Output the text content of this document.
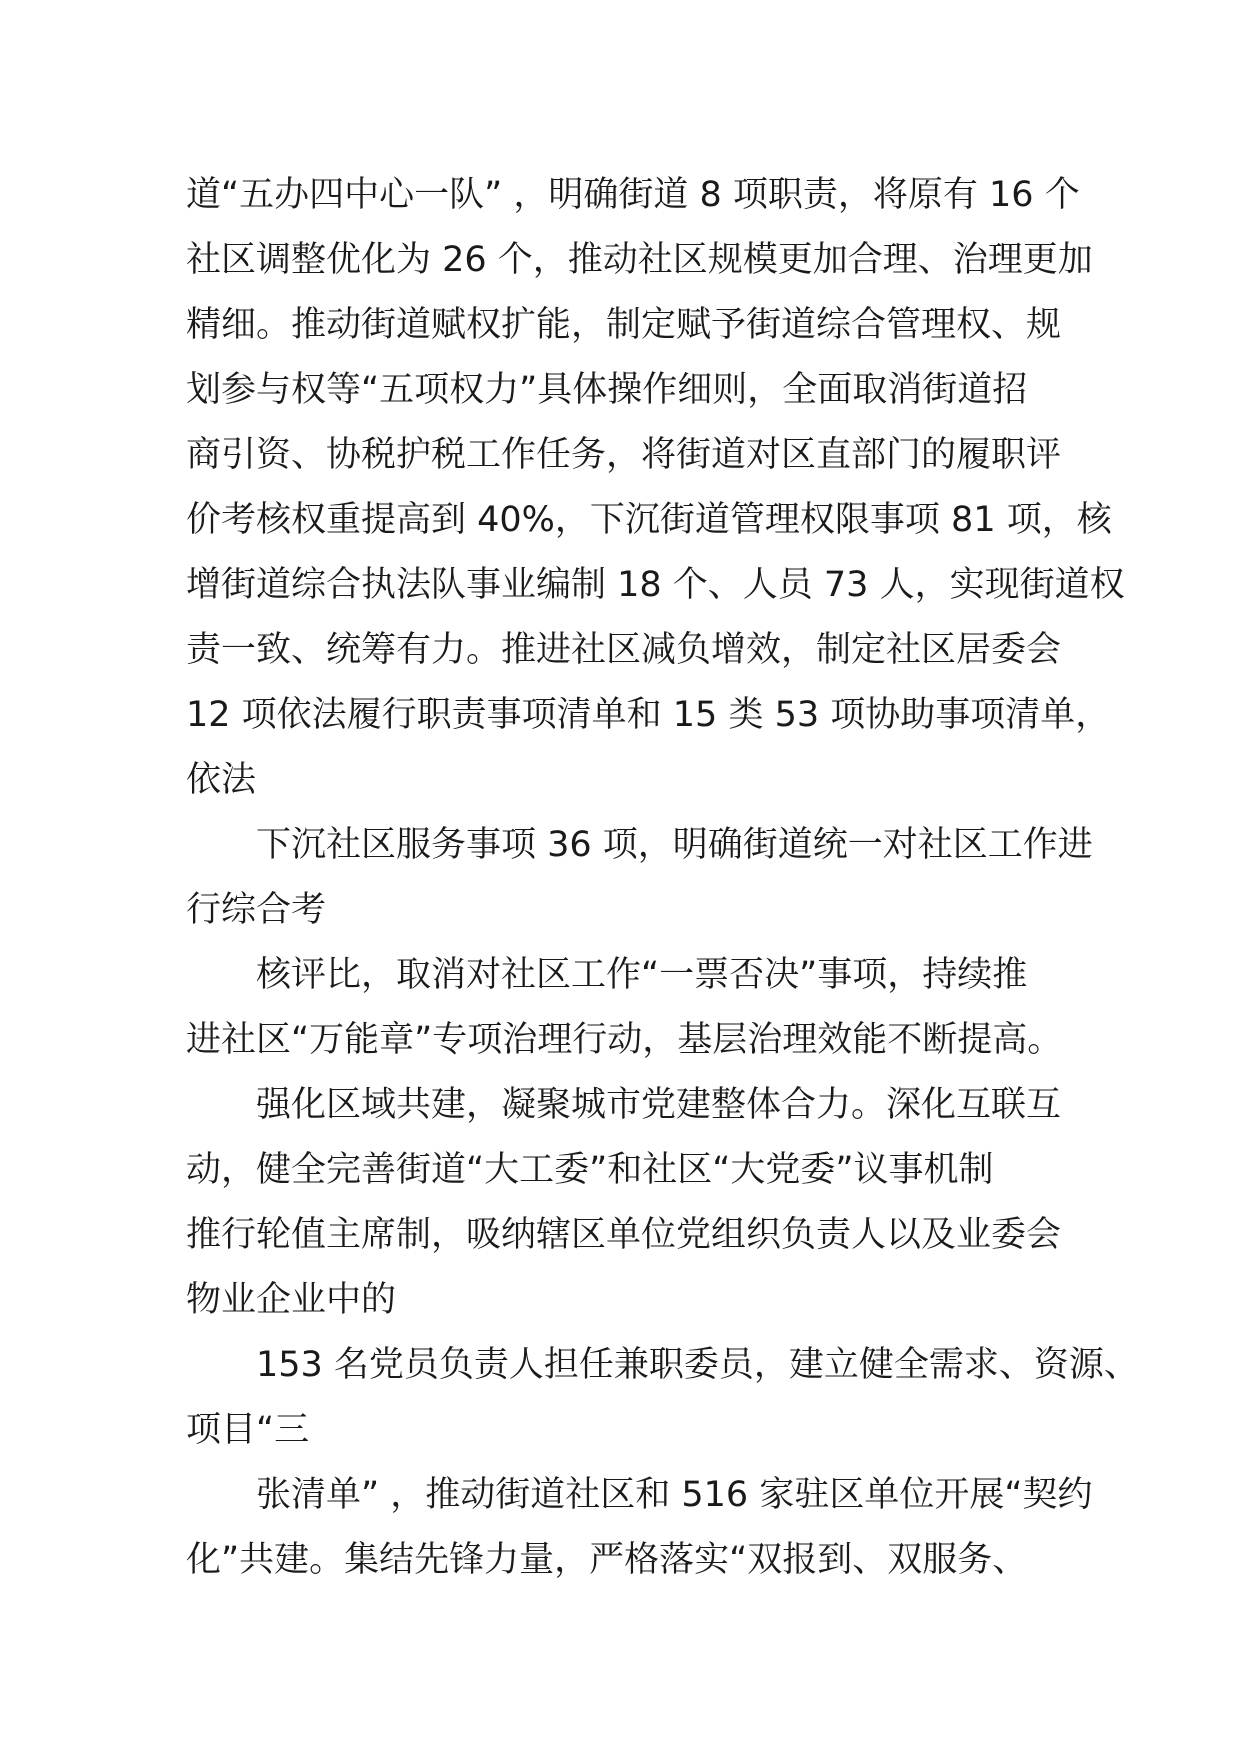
道“五办四中心一队” ，明确街道 8 项职责，将原有 16 个
社区调整优化为 26 个，推动社区规模更加合理、治理更加
精细。推动街道赋权扩能，制定赋予街道综合管理权、规
划参与权等“五项权力”具体操作细则，全面取消街道招
商引资、协税护税工作任务，将街道对区直部门的履职评
价考核权重提高到 40%，下沉街道管理权限事项 81 项，核
增街道综合执法队事业编制 18 个、人员 73 人，实现街道权
责一致、统筹有力。推进社区减负增效，制定社区居委会
12 项依法履行职责事项清单和 15 类 53 项协助事项清单，
依法
下沉社区服务事项 36 项，明确街道统一对社区工作进
行综合考
核评比，取消对社区工作“一票否决”事项，持续推
进社区“万能章”专项治理行动，基层治理效能不断提高。
强化区域共建，凝聚城市党建整体合力。深化互联互
动，健全完善街道“大工委”和社区“大党委”议事机制
推行轮值主席制，吸纳辖区单位党组织负责人以及业委会
物业企业中的
153 名党员负责人担任兼职委员，建立健全需求、资源、
项目“三
张清单” ，推动街道社区和 516 家驻区单位开展“契约
化”共建。集结先锋力量，严格落实“双报到、双服务、
